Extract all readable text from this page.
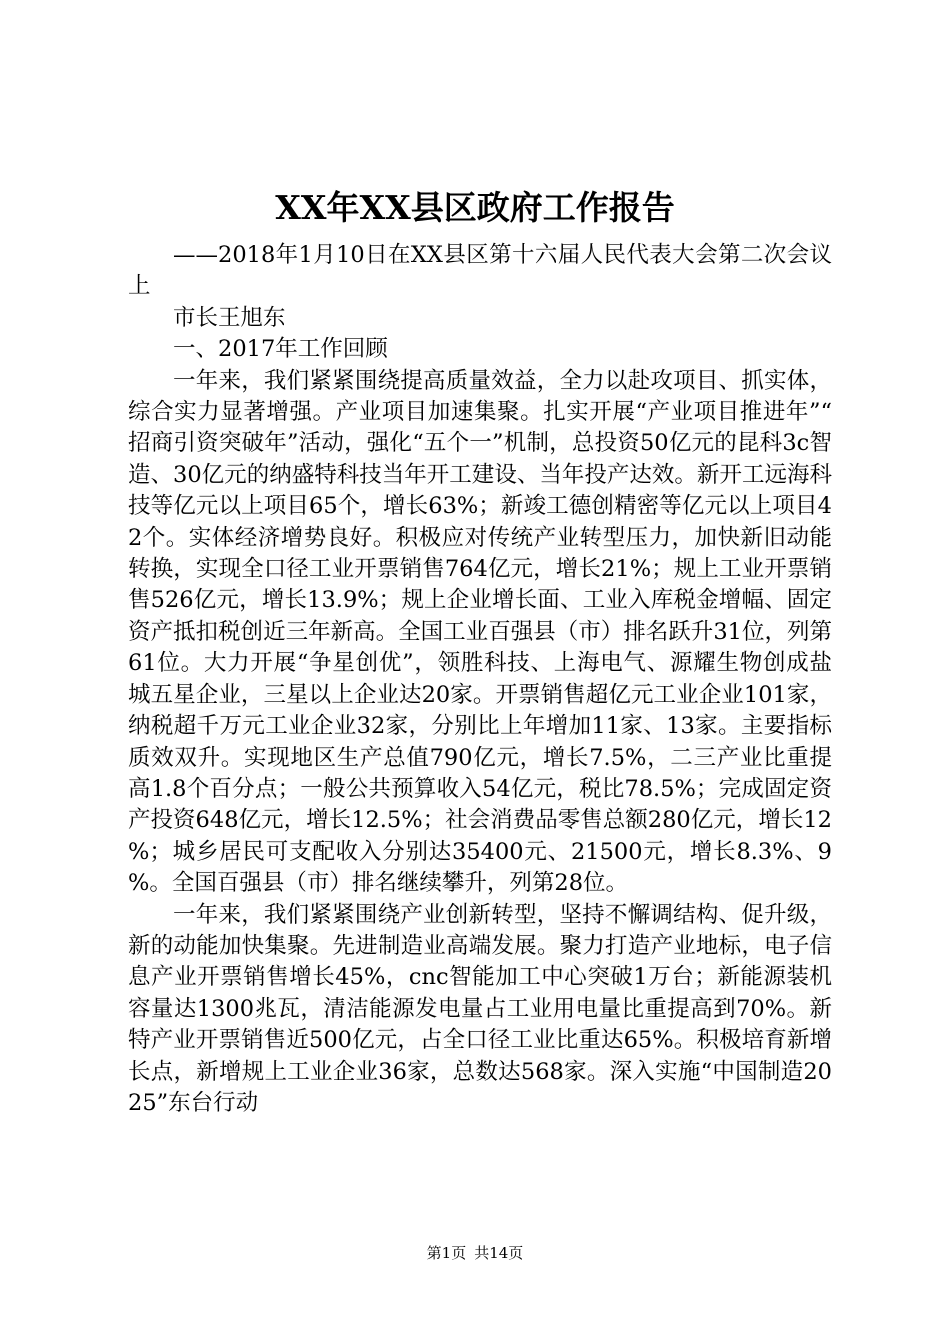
XX年XX县区政府工作报告

——2018年1月10日在XX县区第十六届人民代表大会第二次会议上

市长王旭东

一、2017年工作回顾

一年来，我们紧紧围绕提高质量效益，全力以赴攻项目、抓实体，综合实力显著增强。产业项目加速集聚。扎实开展“产业项目推进年”“招商引资突破年”活动，强化“五个一”机制，总投资50亿元的昆科3c智造、30亿元的纳盛特科技当年开工建设、当年投产达效。新开工远海科技等亿元以上项目65个，增长63%；新竣工德创精密等亿元以上项目42个。实体经济增势良好。积极应对传统产业转型压力，加快新旧动能转换，实现全口径工业开票销售764亿元，增长21%；规上工业开票销售526亿元，增长13.9%；规上企业增长面、工业入库税金增幅、固定资产抵扣税创近三年新高。全国工业百强县（市）排名跃升31位，列第61位。大力开展“争星创优”，领胜科技、上海电气、源耀生物创成盐城五星企业，三星以上企业达20家。开票销售超亿元工业企业101家，纳税超千万元工业企业32家，分别比上年增加11家、13家。主要指标质效双升。实现地区生产总值790亿元，增长7.5%，二三产业比重提高1.8个百分点；一般公共预算收入54亿元，税比78.5%；完成固定资产投资648亿元，增长12.5%；社会消费品零售总额280亿元，增长12%；城乡居民可支配收入分别达35400元、21500元，增长8.3%、9%。全国百强县（市）排名继续攀升，列第28位。

一年来，我们紧紧围绕产业创新转型，坚持不懈调结构、促升级，新的动能加快集聚。先进制造业高端发展。聚力打造产业地标，电子信息产业开票销售增长45%，cnc智能加工中心突破1万台；新能源装机容量达1300兆瓦，清洁能源发电量占工业用电量比重提高到70%。新特产业开票销售近500亿元，占全口径工业比重达65%。积极培育新增长点，新增规上工业企业36家，总数达568家。深入实施“中国制造2025”东台行动

第1页 共14页
